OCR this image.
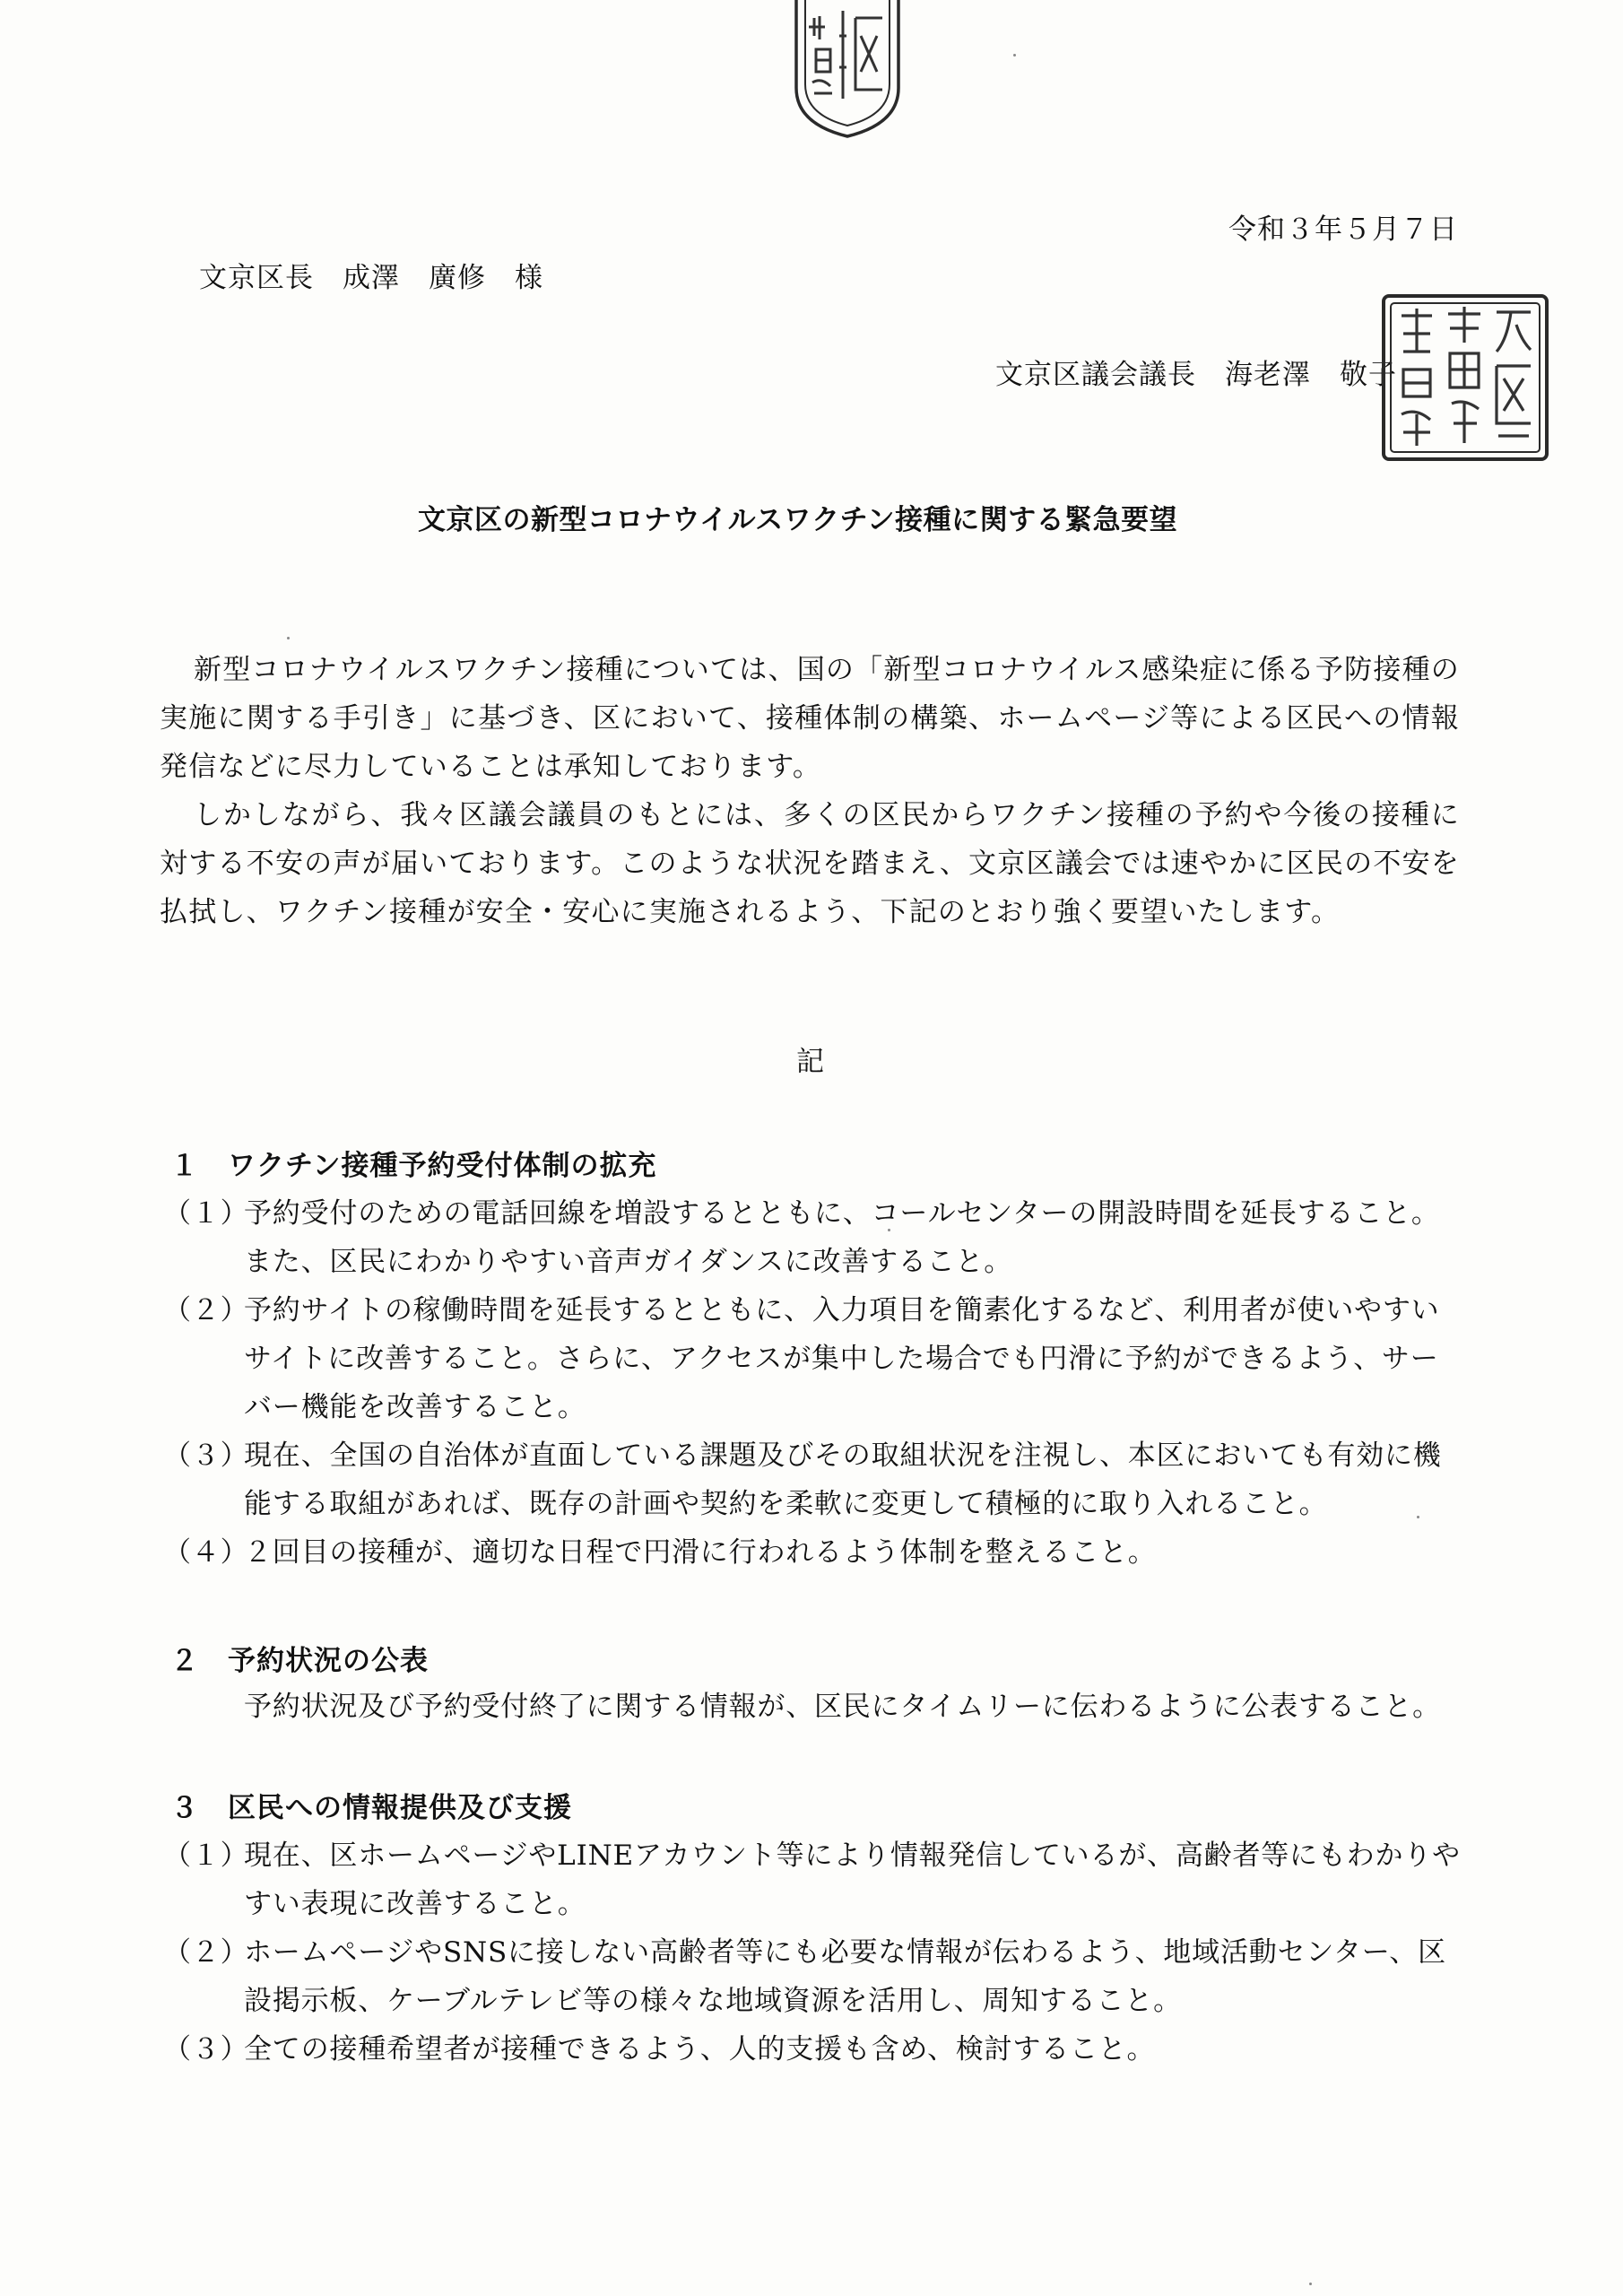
令和３年５月７日
文京区長　成澤　廣修　様
文京区議会議長　海老澤　敬子
文京区の新型コロナウイルスワクチン接種に関する緊急要望
新型コロナウイルスワクチン接種については、国の「新型コロナウイルス感染症に係る予防接種の実施に関する手引き」に基づき、区において、接種体制の構築、ホームページ等による区民への情報発信などに尽力していることは承知しております。
しかしながら、我々区議会議員のもとには、多くの区民からワクチン接種の予約や今後の接種に対する不安の声が届いております。このような状況を踏まえ、文京区議会では速やかに区民の不安を払拭し、ワクチン接種が安全・安心に実施されるよう、下記のとおり強く要望いたします。
記
１　ワクチン接種予約受付体制の拡充
（１）
予約受付のための電話回線を増設するとともに、コールセンターの開設時間を延長すること。また、区民にわかりやすい音声ガイダンスに改善すること。
（２）
予約サイトの稼働時間を延長するとともに、入力項目を簡素化するなど、利用者が使いやすいサイトに改善すること。さらに、アクセスが集中した場合でも円滑に予約ができるよう、サーバー機能を改善すること。
（３）
現在、全国の自治体が直面している課題及びその取組状況を注視し、本区においても有効に機能する取組があれば、既存の計画や契約を柔軟に変更して積極的に取り入れること。
（４）
２回目の接種が、適切な日程で円滑に行われるよう体制を整えること。
２　予約状況の公表
予約状況及び予約受付終了に関する情報が、区民にタイムリーに伝わるように公表すること。
３　区民への情報提供及び支援
（１）
現在、区ホームページやLINEアカウント等により情報発信しているが、高齢者等にもわかりやすい表現に改善すること。
（２）
ホームページやSNSに接しない高齢者等にも必要な情報が伝わるよう、地域活動センター、区設掲示板、ケーブルテレビ等の様々な地域資源を活用し、周知すること。
（３）
全ての接種希望者が接種できるよう、人的支援も含め、検討すること。
